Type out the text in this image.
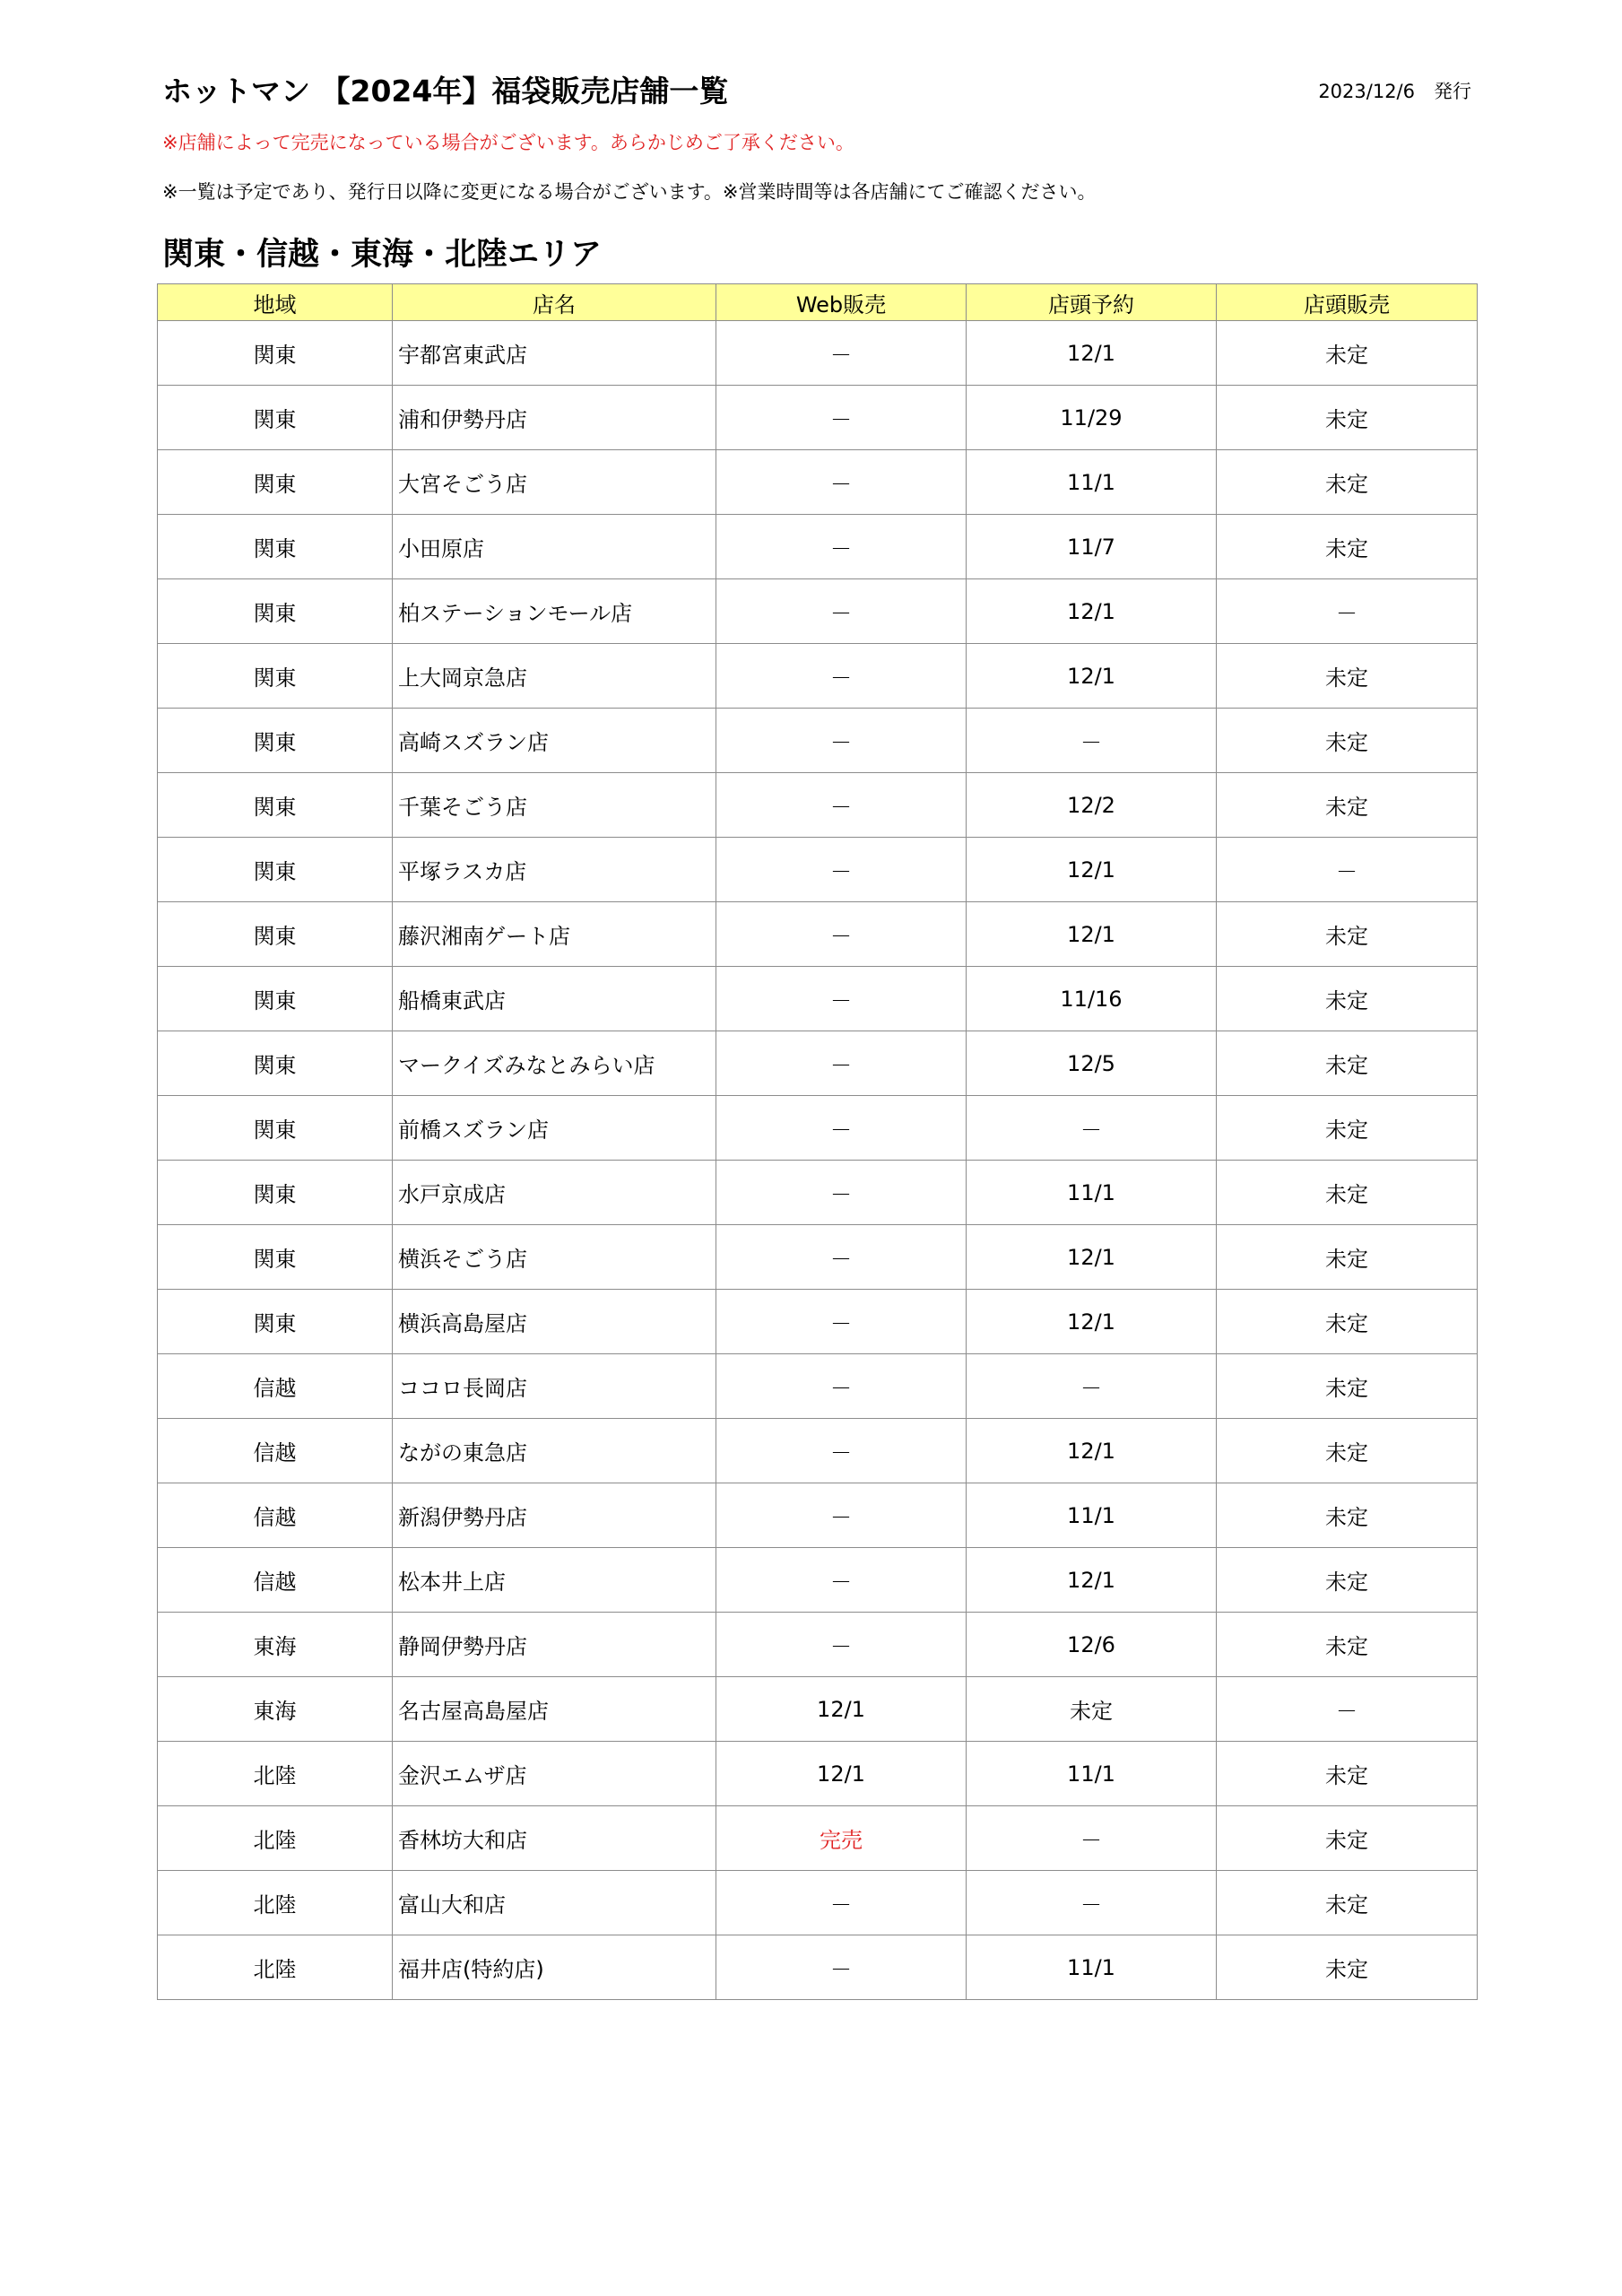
ホットマン 【2024年】福袋販売店舗一覧	2023/12/6　発行
※店舗によって完売になっている場合がございます。あらかじめご了承ください。
※一覧は予定であり、発行日以降に変更になる場合がございます。※営業時間等は各店舗にてご確認ください。
関東・信越・東海・北陸エリア
地域	店名	Web販売	店頭予約	店頭販売
関東	宇都宮東武店	－	12/1	未定
関東	浦和伊勢丹店	－	11/29	未定
関東	大宮そごう店	－	11/1	未定
関東	小田原店	－	11/7	未定
関東	柏ステーションモール店	－	12/1	－
関東	上大岡京急店	－	12/1	未定
関東	高崎スズラン店	－	－	未定
関東	千葉そごう店	－	12/2	未定
関東	平塚ラスカ店	－	12/1	－
関東	藤沢湘南ゲート店	－	12/1	未定
関東	船橋東武店	－	11/16	未定
関東	マークイズみなとみらい店	－	12/5	未定
関東	前橋スズラン店	－	－	未定
関東	水戸京成店	－	11/1	未定
関東	横浜そごう店	－	12/1	未定
関東	横浜高島屋店	－	12/1	未定
信越	ココロ長岡店	－	－	未定
信越	ながの東急店	－	12/1	未定
信越	新潟伊勢丹店	－	11/1	未定
信越	松本井上店	－	12/1	未定
東海	静岡伊勢丹店	－	12/6	未定
東海	名古屋高島屋店	12/1	未定	－
北陸	金沢エムザ店	12/1	11/1	未定
北陸	香林坊大和店	完売	－	未定
北陸	富山大和店	－	－	未定
北陸	福井店(特約店)	－	11/1	未定
